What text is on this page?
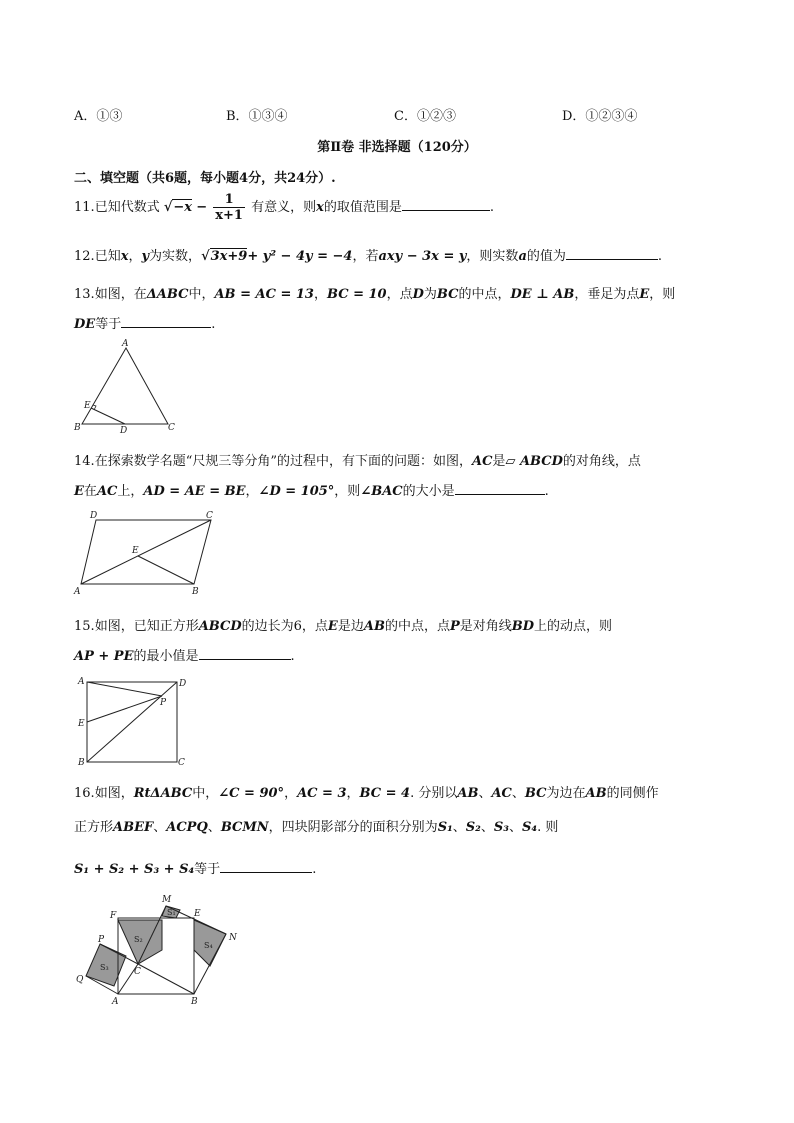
A．①③	B．①③④	C．①②③	D．①②③④
第Ⅱ卷 非选择题（120分）
二、填空题（共6题，每小题4分，共24分）.
11.已知代数式 $√-x - \frac{1}{x+1}$ 有意义，则x的取值范围是	.
12.已知x，y为实数，√3x+9+ y² − 4y = −4，若axy − 3x = y，则实数a的值为	.
13.如图，在ΔABC中，AB = AC = 13，BC = 10，点D为BC的中点，DE ⊥ AB，垂足为点E，则
DE等于	.
A
B	C
D
E
14.在探索数学名题“尺规三等分角”的过程中，有下面的问题：如图，AC是▱ ABCD的对角线，点
E在AC上，AD = AE = BE，∠D = 105°，则∠BAC的大小是	.
D	C
A	B
E
15.如图，已知正方形ABCD的边长为6，点E是边AB的中点，点P是对角线BD上的动点，则
AP + PE的最小值是	.
A	D
E
B	C
P
16.如图，RtΔABC中，∠C = 90°，AC = 3，BC = 4. 分别以AB、AC、BC为边在AB的同侧作
正方形ABEF、ACPQ、BCMN，四块阴影部分的面积分别为S₁、S₂、S₃、S₄. 则
S₁ + S₂ + S₃ + S₄等于	.
A	B
C
E
F
M
N
P
Q
S₁
S₂
S₃
S₄
